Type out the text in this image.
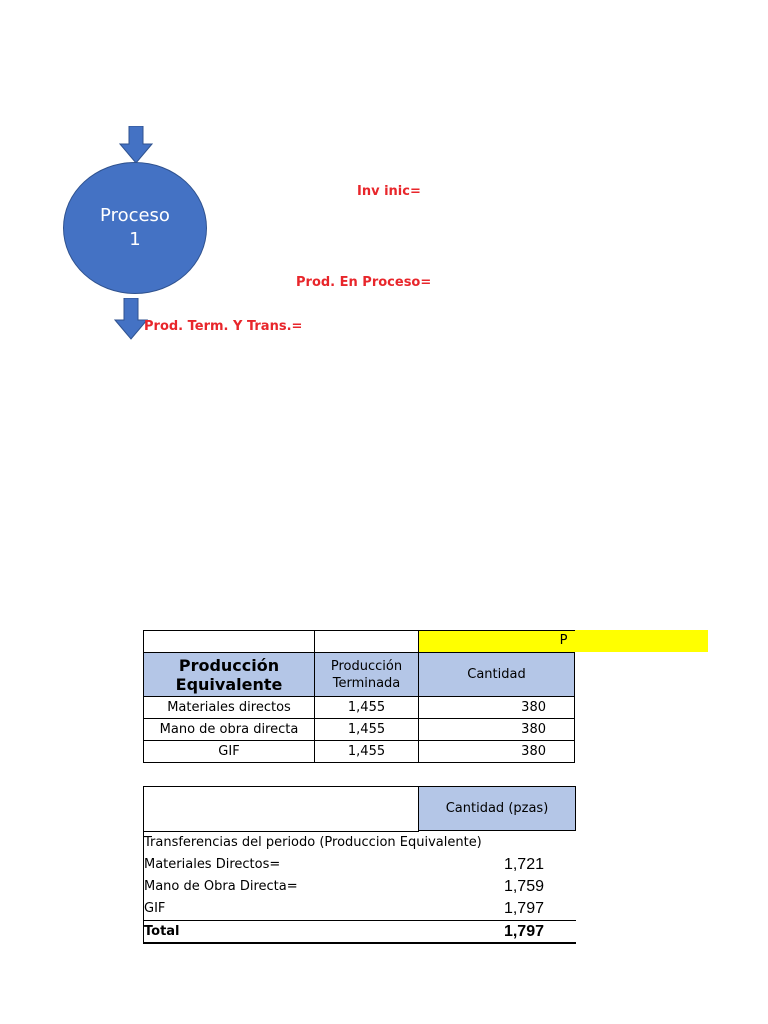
Proceso
1
Inv inic=
Prod. En Proceso=
Prod. Term. Y Trans.=
P

Producción Equivalente	Producción Terminada	Cantidad
Materiales directos	1,455	380
Mano de obra directa	1,455	380
GIF	1,455	380
Cantidad (pzas)
Transferencias del periodo (Produccion Equivalente)
Materiales Directos=	1,721
Mano de Obra Directa=	1,759
GIF	1,797
Total	1,797
